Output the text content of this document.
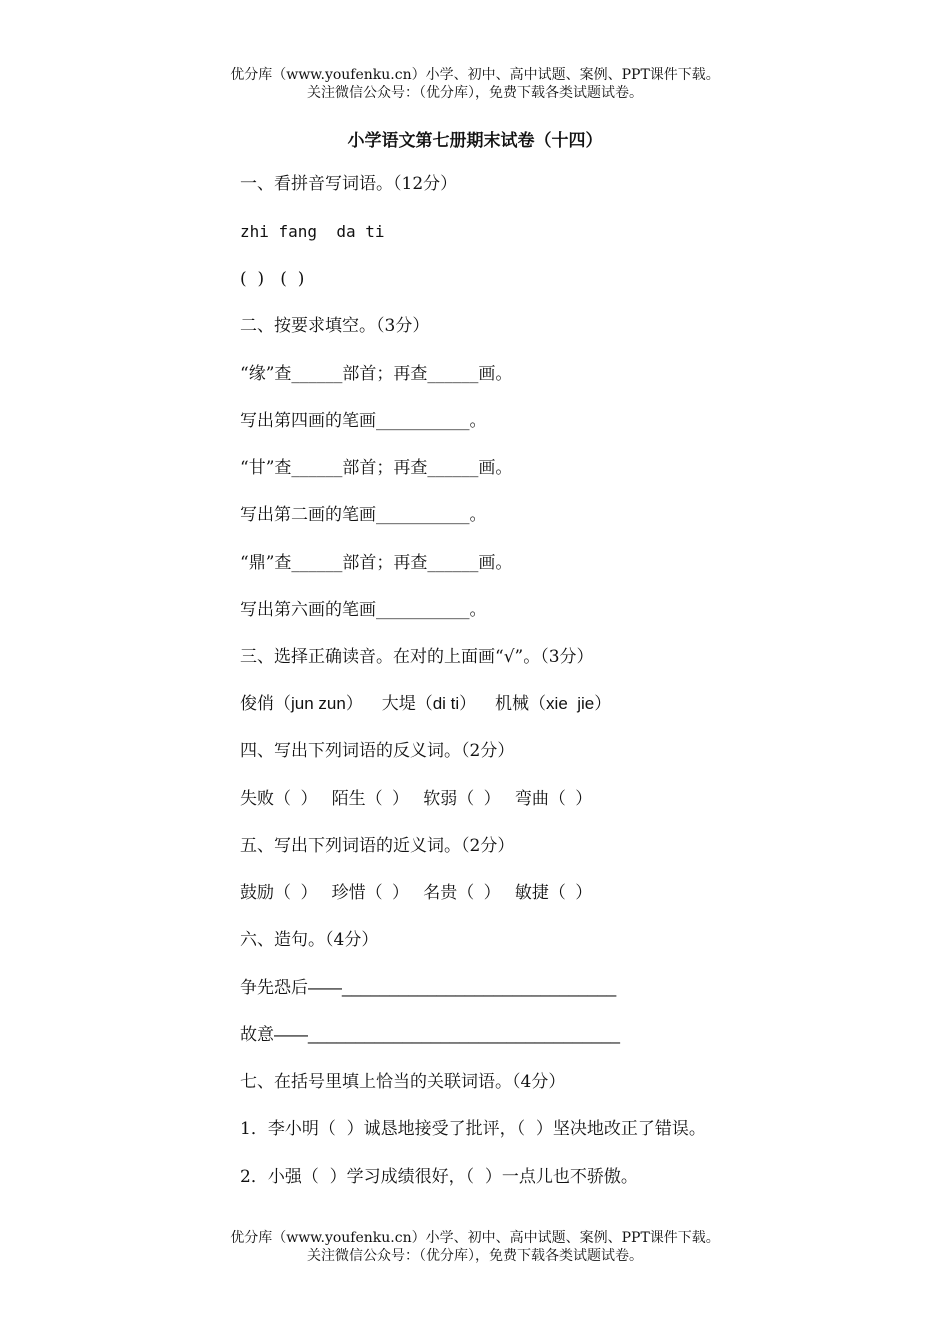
优分库（www.youfenku.cn）小学、初中、高中试题、案例、PPT课件下载。
关注微信公众号：（优分库），免费下载各类试题试卷。
小学语文第七册期末试卷（十四）
一、看拼音写词语。（12分）
zhi fang  da ti
(  )   (  )
二、按要求填空。（3分）
“缘”查______部首；再查______画。
写出第四画的笔画___________。
“甘”查______部首；再查______画。
写出第二画的笔画___________。
“鼎”查______部首；再查______画。
写出第六画的笔画___________。
三、选择正确读音。在对的上面画“√”。（3分）
俊俏（jun zun）    大堤（di ti）    机械（xie  jie）
四、写出下列词语的反义词。（2分）
失败（  ）   陌生（  ）   软弱（  ）   弯曲（  ）
五、写出下列词语的近义词。（2分）
鼓励（  ）   珍惜（  ）   名贵（  ）   敏捷（  ）
六、造句。（4分）
争先恐后——_____________________________
故意——_________________________________
七、在括号里填上恰当的关联词语。（4分）
1．李小明（  ）诚恳地接受了批评，（  ）坚决地改正了错误。
2．小强（  ）学习成绩很好，（  ）一点儿也不骄傲。
优分库（www.youfenku.cn）小学、初中、高中试题、案例、PPT课件下载。
关注微信公众号：（优分库），免费下载各类试题试卷。
